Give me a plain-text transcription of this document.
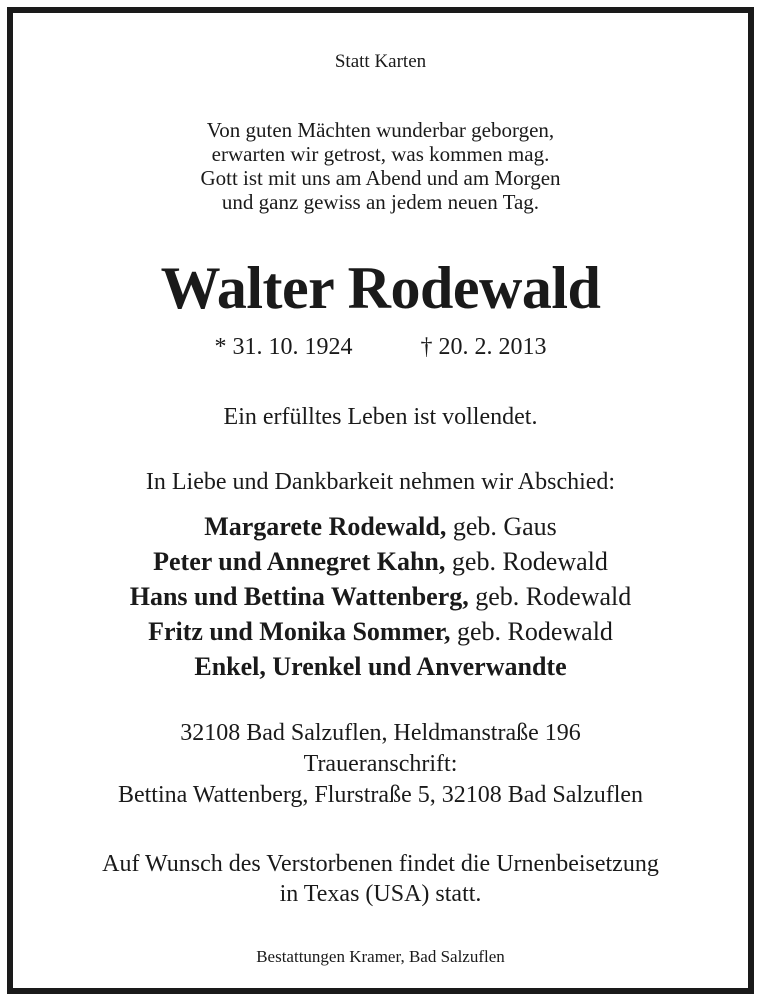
Statt Karten
Von guten Mächten wunderbar geborgen,
erwarten wir getrost, was kommen mag.
Gott ist mit uns am Abend und am Morgen
und ganz gewiss an jedem neuen Tag.
Walter Rodewald
* 31. 10. 1924	† 20. 2. 2013
Ein erfülltes Leben ist vollendet.
In Liebe und Dankbarkeit nehmen wir Abschied:
Margarete Rodewald, geb. Gaus
Peter und Annegret Kahn, geb. Rodewald
Hans und Bettina Wattenberg, geb. Rodewald
Fritz und Monika Sommer, geb. Rodewald
Enkel, Urenkel und Anverwandte
32108 Bad Salzuflen, Heldmanstraße 196
Traueranschrift:
Bettina Wattenberg, Flurstraße 5, 32108 Bad Salzuflen
Auf Wunsch des Verstorbenen findet die Urnenbeisetzung
in Texas (USA) statt.
Bestattungen Kramer, Bad Salzuflen
